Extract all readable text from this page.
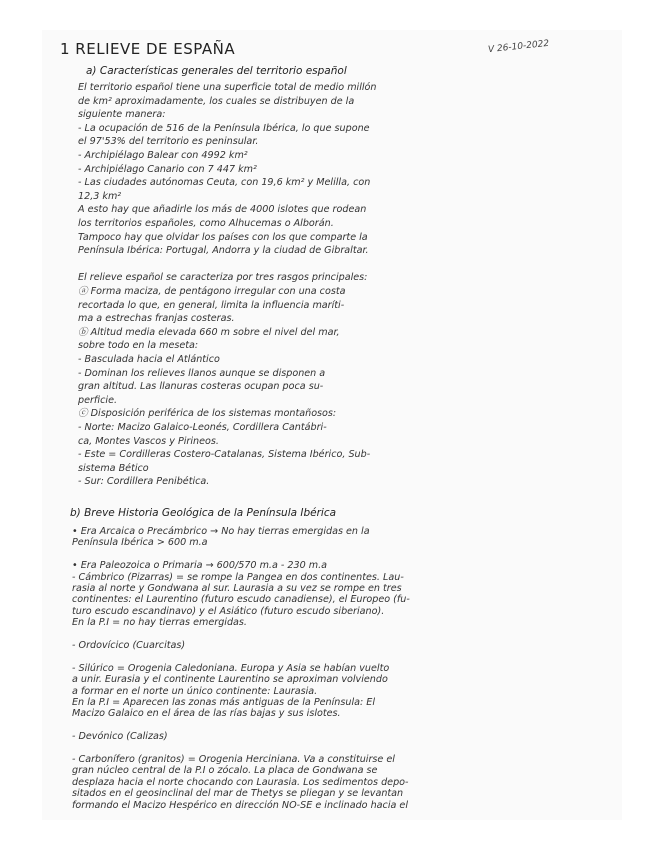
V 26-10-2022
1 RELIEVE DE ESPAÑA
a) Características generales del territorio español
El territorio español tiene una superficie total de medio millón
de km² aproximadamente, los cuales se distribuyen de la
siguiente manera:
- La ocupación de 516 de la Península Ibérica, lo que supone
el 97'53% del territorio es peninsular.
- Archipiélago Balear con 4992 km²
- Archipiélago Canario con 7 447 km²
- Las ciudades autónomas Ceuta, con 19,6 km² y Melilla, con
12,3 km²
A esto hay que añadirle los más de 4000 islotes que rodean
los territorios españoles, como Alhucemas o Alborán.
Tampoco hay que olvidar los países con los que comparte la
Península Ibérica: Portugal, Andorra y la ciudad de Gibraltar.
El relieve español se caracteriza por tres rasgos principales:
ⓐ Forma maciza, de pentágono irregular con una costa
recortada lo que, en general, limita la influencia maríti-
ma a estrechas franjas costeras.
ⓑ Altitud media elevada 660 m sobre el nivel del mar,
sobre todo en la meseta:
- Basculada hacia el Atlántico
- Dominan los relieves llanos aunque se disponen a
gran altitud. Las llanuras costeras ocupan poca su-
perficie.
ⓒ Disposición periférica de los sistemas montañosos:
- Norte: Macizo Galaico-Leonés, Cordillera Cantábri-
ca, Montes Vascos y Pirineos.
- Este = Cordilleras Costero-Catalanas, Sistema Ibérico, Sub-
sistema Bético
- Sur: Cordillera Penibética.
b) Breve Historia Geológica de la Península Ibérica
• Era Arcaica o Precámbrico → No hay tierras emergidas en la
Península Ibérica > 600 m.a
• Era Paleozoica o Primaria → 600/570 m.a - 230 m.a
- Cámbrico (Pizarras) = se rompe la Pangea en dos continentes. Lau-
rasia al norte y Gondwana al sur. Laurasia a su vez se rompe en tres
continentes: el Laurentino (futuro escudo canadiense), el Europeo (fu-
turo escudo escandinavo) y el Asiático (futuro escudo siberiano).
En la P.I = no hay tierras emergidas.
- Ordovícico (Cuarcitas)
- Silúrico = Orogenia Caledoniana. Europa y Asia se habían vuelto
a unir. Eurasia y el continente Laurentino se aproximan volviendo
a formar en el norte un único continente: Laurasia.
En la P.I = Aparecen las zonas más antiguas de la Península: El
Macizo Galaico en el área de las rías bajas y sus islotes.
- Devónico (Calizas)
- Carbonífero (granitos) = Orogenia Herciniana. Va a constituirse el
gran núcleo central de la P.I o zócalo. La placa de Gondwana se
desplaza hacia el norte chocando con Laurasia. Los sedimentos depo-
sitados en el geosinclinal del mar de Thetys se pliegan y se levantan
formando el Macizo Hespérico en dirección NO-SE e inclinado hacia el
